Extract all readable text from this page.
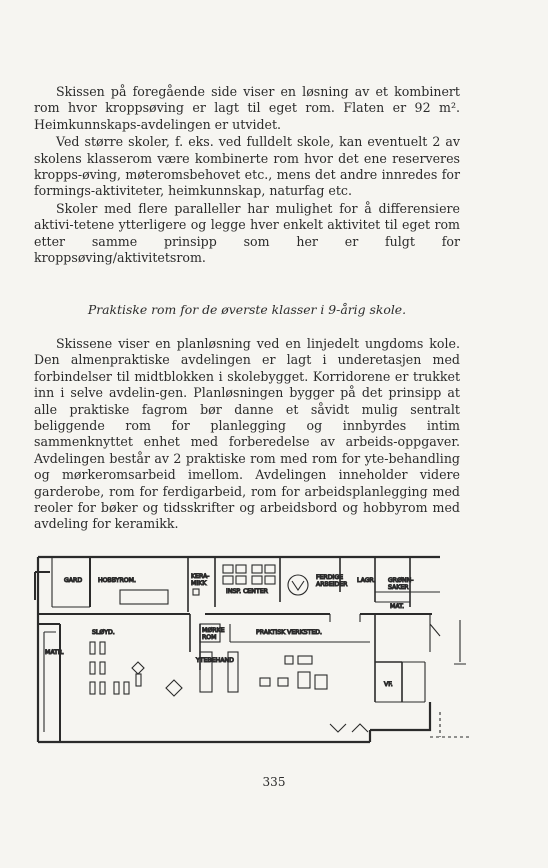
Skissen på foregående side viser en løsning av et kombinert rom hvor kroppsøving er lagt til eget rom. Flaten er 92 m². Heimkunnskaps-avdelingen er utvidet.

Ved større skoler, f. eks. ved fulldelt skole, kan eventuelt 2 av skolens klasserom være kombinerte rom hvor det ene reserveres kropps-øving, møteromsbehovet etc., mens det andre innredes for formings-aktiviteter, heimkunnskap, naturfag etc.

Skoler med flere paralleller har mulighet for å differensiere aktivi-tetene ytterligere og legge hver enkelt aktivitet til eget rom etter samme prinsipp som her er fulgt for kroppsøving/aktivitetsrom.

Praktiske rom for de øverste klasser i 9-årig skole.

Skissene viser en planløsning ved en linjedelt ungdoms kole. Den almenpraktiske avdelingen er lagt i underetasjen med forbindelser til midtblokken i skolebygget. Korridorene er trukket inn i selve avdelin-gen. Planløsningen bygger på det prinsipp at alle praktiske fagrom bør danne et såvidt mulig sentralt beliggende rom for planlegging og innbyrdes intim sammenknyttet enhet med forberedelse av arbeids-oppgaver. Avdelingen består av 2 praktiske rom med rom for yte-behandling og mørkeromsarbeid imellom. Avdelingen inneholder videre garderobe, rom for ferdigarbeid, rom for arbeidsplanlegging med reoler for bøker og tidsskrifter og arbeidsbord og hobbyrom med avdeling for keramikk.

GARD	HOBBYROM.
KERA-
MIKK
INSP. CENTER
FERDIGE
ARBEIDER
LAGR. GRØNN-
SAKER
MAT.
MATR.
SLØYD.	MØRKE
ROM
PRAKTISK VERKSTED.
YTEBEHAND
VF.
335
